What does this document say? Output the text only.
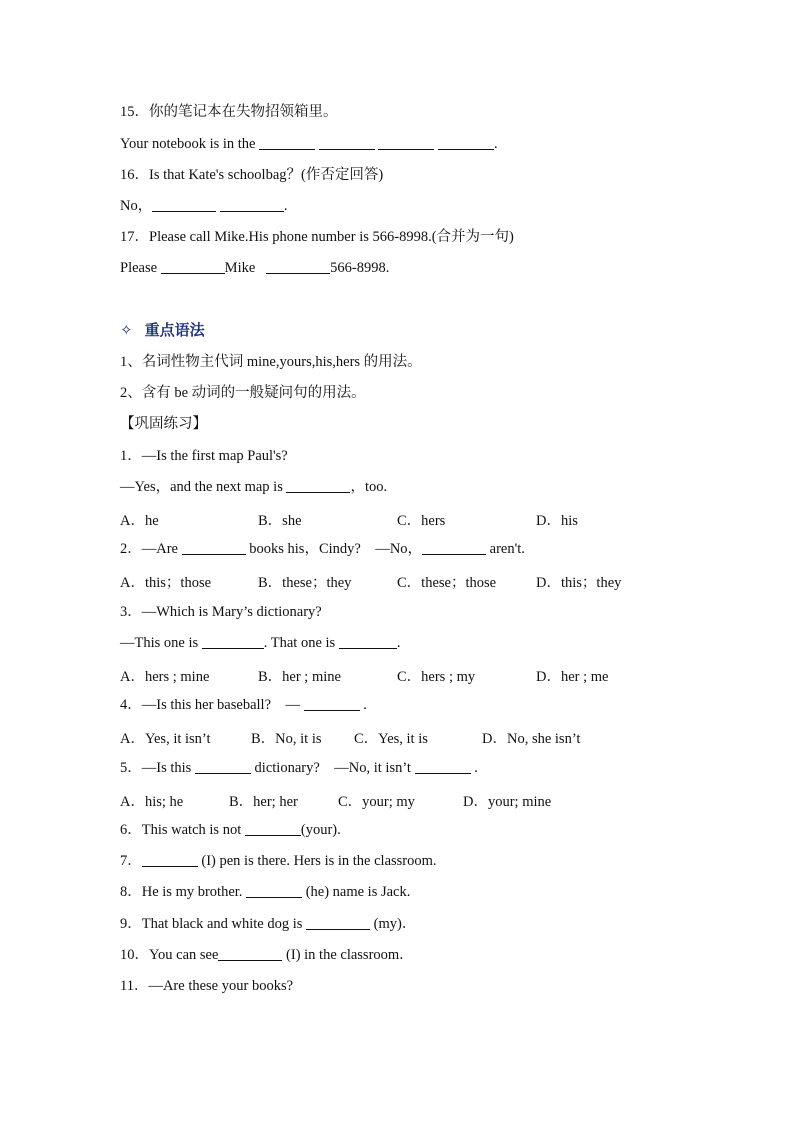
15．你的笔记本在失物招领箱里。
Your notebook is in the	.
16．Is that Kate's schoolbag？(作否定回答)
No，	.
17．Please call Mike.His phone number is 566-8998.(合并为一句)
Please	Mike	566-8998.
✧ 重点语法
1、名词性物主代词 mine,yours,his,hers 的用法。
2、含有 be 动词的一般疑问句的用法。
【巩固练习】
1．—Is the first map Paul's?
—Yes，and the next map is	，too.
A．he	B．she	C．hers	D．his
2．—Are	books his，Cindy?　—No，	aren't.
A．this；those	B．these；they	C．these；those	D．this；they
3．—Which is Mary’s dictionary?
—This one is	. That one is	.
A．hers ; mine	B．her ; mine	C．hers ; my	D．her ; me
4．—Is this her baseball?　—	.
A．Yes, it isn’t	B．No, it is C．Yes, it is	D．No, she isn’t
5．—Is this	dictionary?　—No, it isn’t	.
A．his; he	B．her; her	C．your; my	D．your; mine
6．This watch is not	(your).
7．	(I) pen is there. Hers is in the classroom.
8．He is my brother.	(he) name is Jack.
9．That black and white dog is	(my)．
10．You can see	(I) in the classroom．
11．—Are these your books?
